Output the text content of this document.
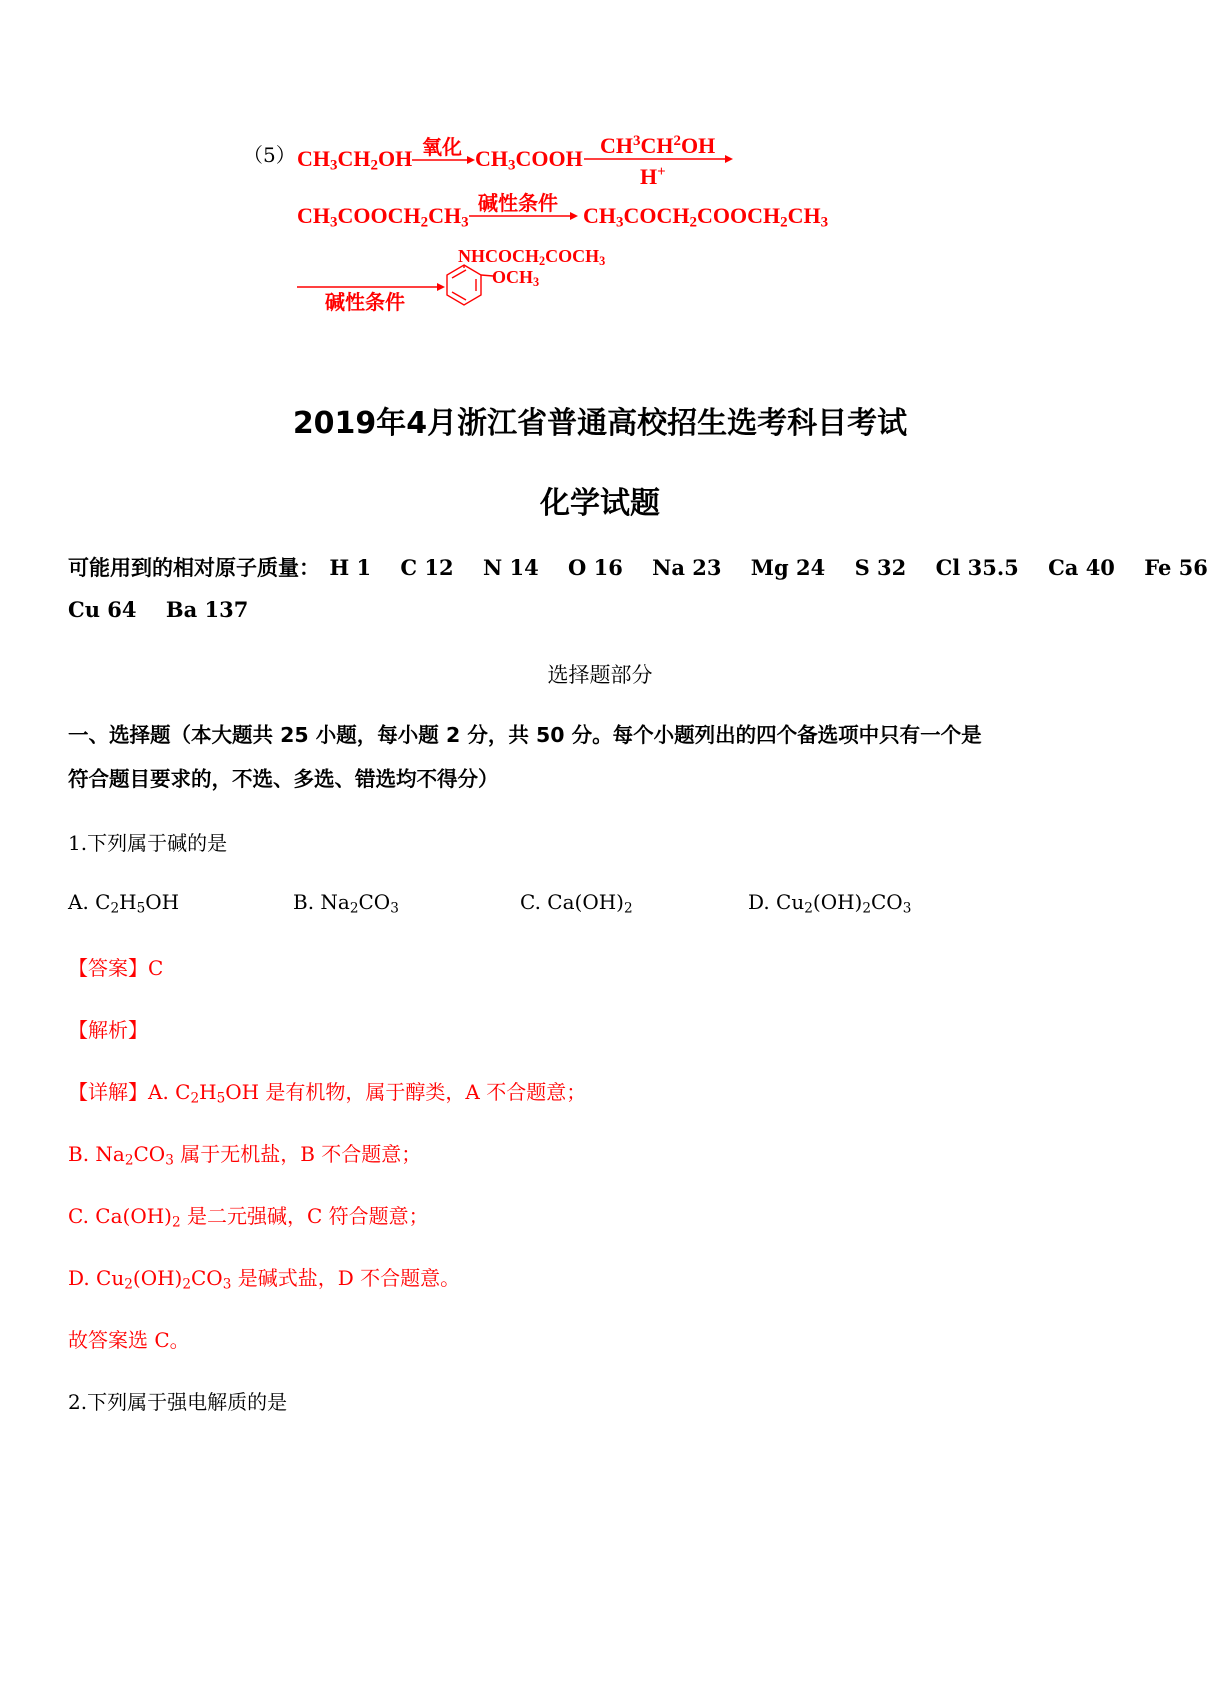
（5） $CH_3CH_2OH$ 氧化 $CH_3COOH$
$CH^3CH^2OH$
H+
$CH_3COOCH_2CH_3$
碱性条件 $CH_3COCH_2COOCH_2CH_3$
碱性条件
$NHCOCH_2COCH_3$
$OCH_3$
2019年4月浙江省普通高校招生选考科目考试
化学试题
可能用到的相对原子质量： H 1 C 12 N 14 O 16 Na 23 Mg 24 S 32 Cl 35.5 Ca 40 Fe 56
Cu 64 Ba 137
选择题部分
一、选择题（本大题共 25 小题，每小题 2 分，共 50 分。每个小题列出的四个备选项中只有一个是
符合题目要求的，不选、多选、错选均不得分）
1.下列属于碱的是
A. $C_2H_5OH$	B. $Na_2CO_3$	C. $Ca(OH)_2$	D. $Cu_2(OH)_2CO_3$
【答案】C
【解析】
【详解】A. $C_2H_5OH$ 是有机物，属于醇类，A 不合题意；
B. $Na_2CO_3$ 属于无机盐，B 不合题意；
C. $Ca(OH)_2$ 是二元强碱，C 符合题意；
D. $Cu_2(OH)_2CO_3$ 是碱式盐，D 不合题意。
故答案选 C。
2.下列属于强电解质的是
